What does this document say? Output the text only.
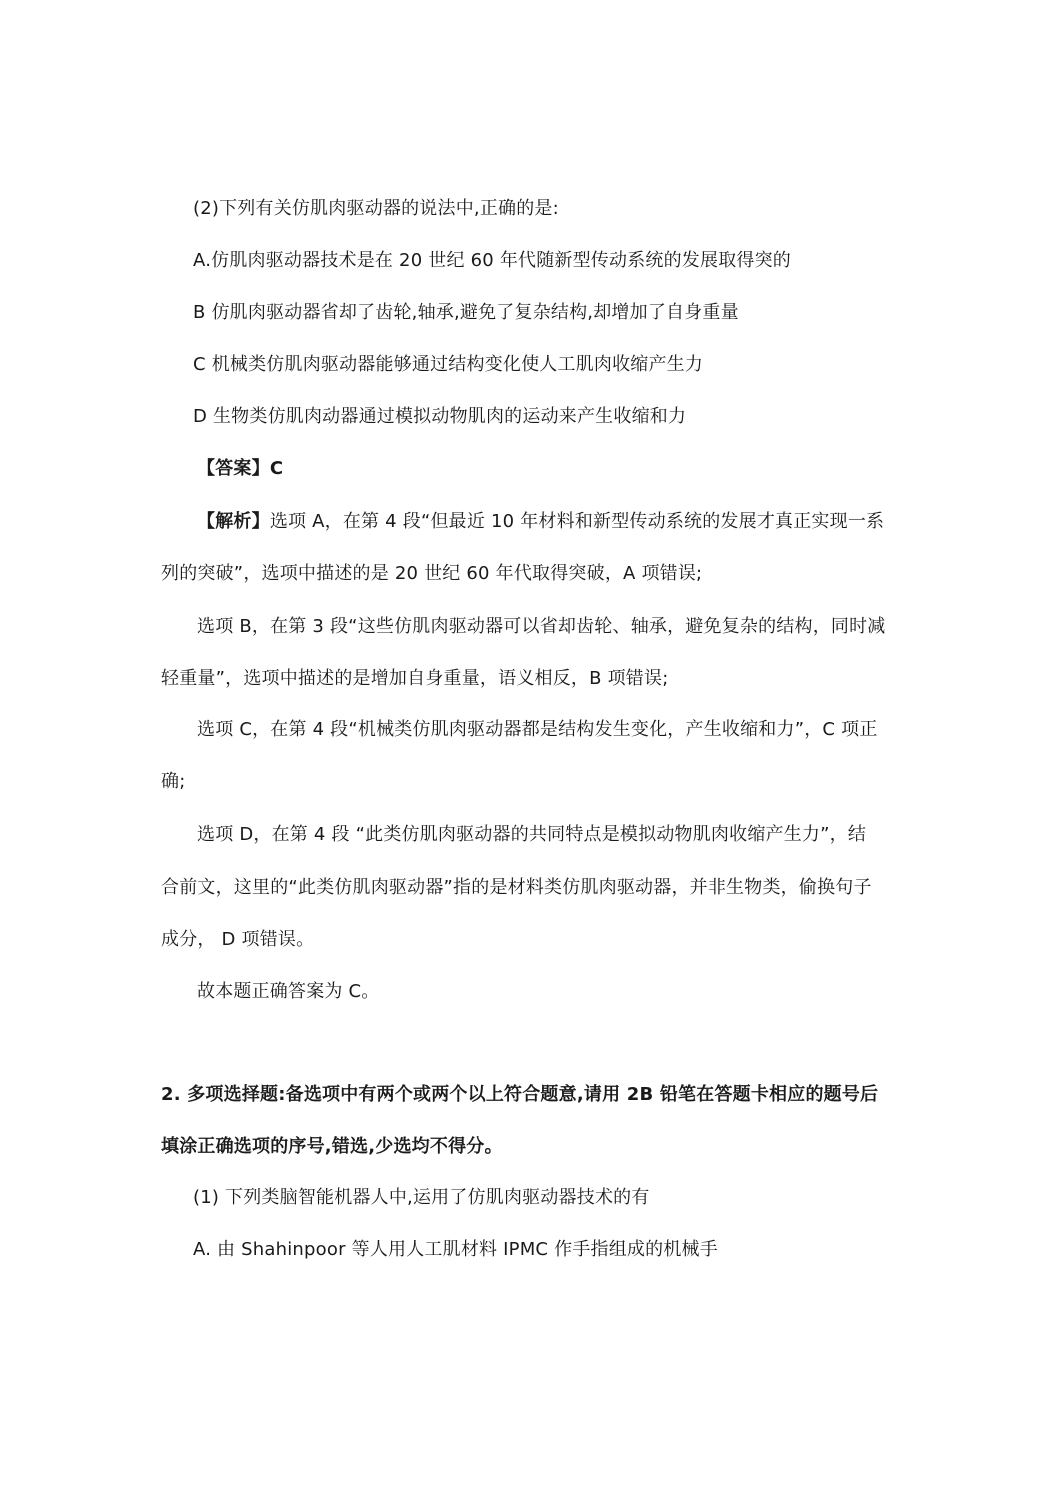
(2)下列有关仿肌肉驱动器的说法中,正确的是:
A.仿肌肉驱动器技术是在 20 世纪 60 年代随新型传动系统的发展取得突的
B 仿肌肉驱动器省却了齿轮,轴承,避免了复杂结构,却增加了自身重量
C 机械类仿肌肉驱动器能够通过结构变化使人工肌肉收缩产生力
D 生物类仿肌肉动器通过模拟动物肌肉的运动来产生收缩和力
【答案】C
【解析】选项 A，在第 4 段“但最近 10 年材料和新型传动系统的发展才真正实现一系
列的突破”，选项中描述的是 20 世纪 60 年代取得突破，A 项错误;
选项 B，在第 3 段“这些仿肌肉驱动器可以省却齿轮、轴承，避免复杂的结构，同时减
轻重量”，选项中描述的是增加自身重量，语义相反，B 项错误;
选项 C，在第 4 段“机械类仿肌肉驱动器都是结构发生变化，产生收缩和力”，C 项正
确;
选项 D，在第 4 段 “此类仿肌肉驱动器的共同特点是模拟动物肌肉收缩产生力”，结
合前文，这里的“此类仿肌肉驱动器”指的是材料类仿肌肉驱动器，并非生物类，偷换句子
成分， D 项错误。
故本题正确答案为 C。
2. 多项选择题:备选项中有两个或两个以上符合题意,请用 2B 铅笔在答题卡相应的题号后
填涂正确选项的序号,错选,少选均不得分。
(1) 下列类脑智能机器人中,运用了仿肌肉驱动器技术的有
A. 由 Shahinpoor 等人用人工肌材料 IPMC 作手指组成的机械手
